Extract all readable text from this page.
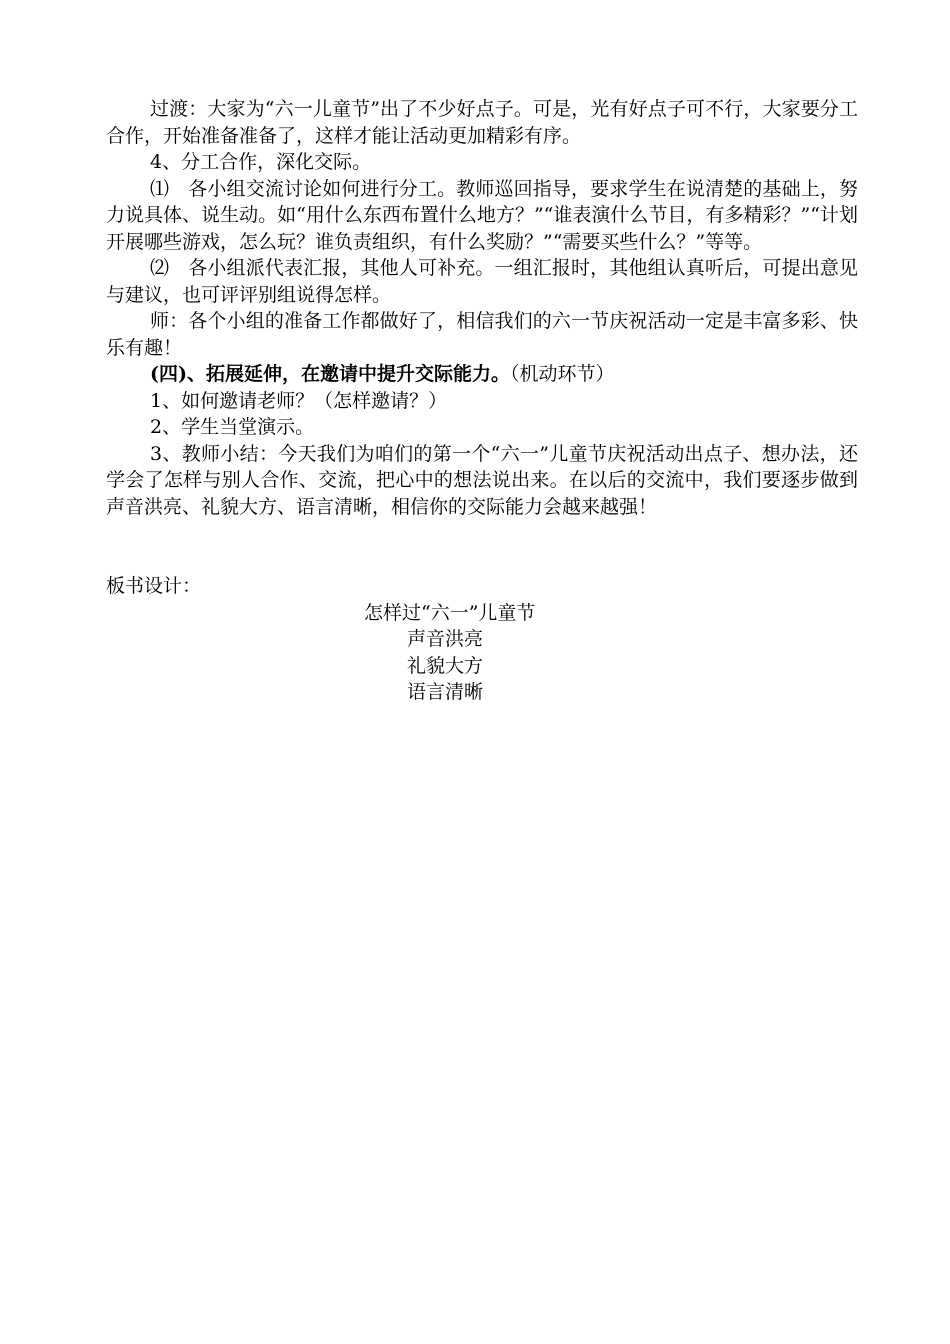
过渡：大家为“六一儿童节”出了不少好点子。可是，光有好点子可不行，大家要分工合作，开始准备准备了，这样才能让活动更加精彩有序。

4、分工合作，深化交际。

⑴　各小组交流讨论如何进行分工。教师巡回指导，要求学生在说清楚的基础上，努力说具体、说生动。如“用什么东西布置什么地方？”“谁表演什么节目，有多精彩？”“计划开展哪些游戏，怎么玩？谁负责组织，有什么奖励？”“需要买些什么？”等等。

⑵　各小组派代表汇报，其他人可补充。一组汇报时，其他组认真听后，可提出意见与建议，也可评评别组说得怎样。

师：各个小组的准备工作都做好了，相信我们的六一节庆祝活动一定是丰富多彩、快乐有趣！

(四)、拓展延伸，在邀请中提升交际能力。（机动环节）

1、如何邀请老师？（怎样邀请？）

2、学生当堂演示。

3、教师小结：今天我们为咱们的第一个“六一”儿童节庆祝活动出点子、想办法，还学会了怎样与别人合作、交流，把心中的想法说出来。在以后的交流中，我们要逐步做到声音洪亮、礼貌大方、语言清晰，相信你的交际能力会越来越强！

板书设计：

怎样过“六一”儿童节

声音洪亮

礼貌大方

语言清晰
